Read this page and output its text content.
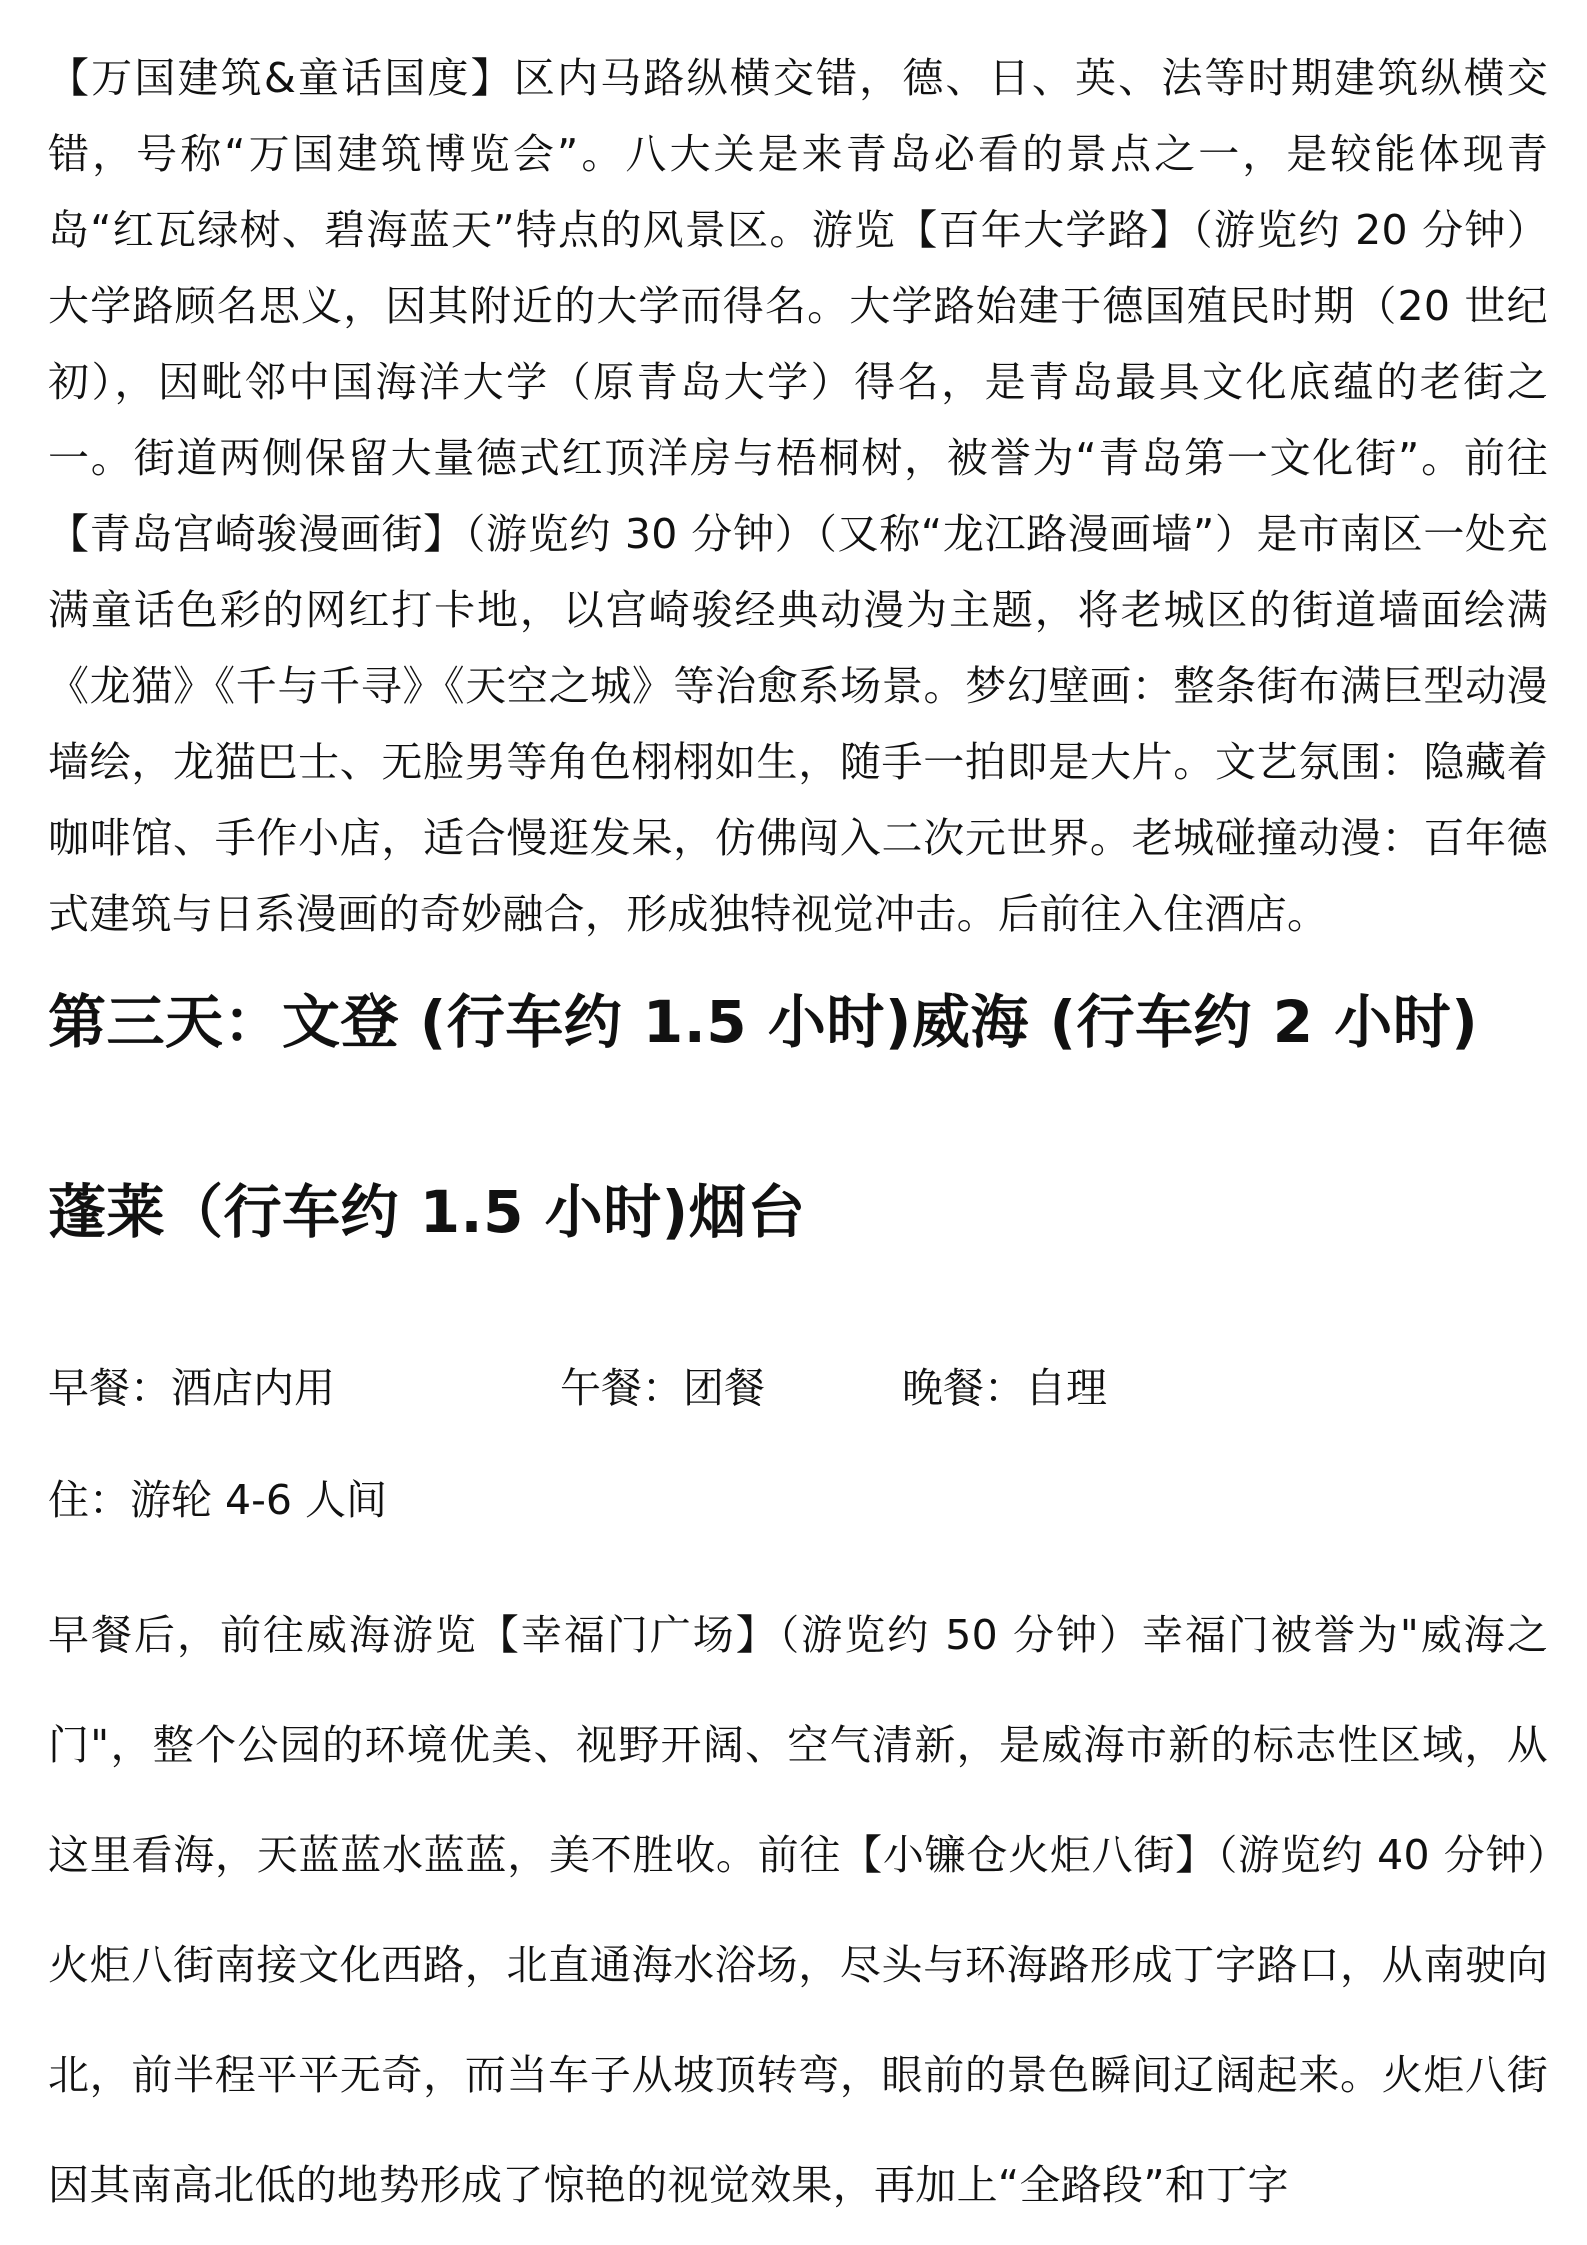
【万国建筑&童话国度】区内马路纵横交错，德、日、英、法等时期建筑纵横交错，号称“万国建筑博览会”。八大关是来青岛必看的景点之一，是较能体现青岛“红瓦绿树、碧海蓝天”特点的风景区。游览【百年大学路】（游览约 20 分钟）大学路顾名思义，因其附近的大学而得名。大学路始建于德国殖民时期（20 世纪初），因毗邻中国海洋大学（原青岛大学）得名，是青岛最具文化底蕴的老街之一。街道两侧保留大量德式红顶洋房与梧桐树，被誉为“青岛第一文化街”。前往【青岛宫崎骏漫画街】（游览约 30 分钟）（又称“龙江路漫画墙”）是市南区一处充满童话色彩的网红打卡地，以宫崎骏经典动漫为主题，将老城区的街道墙面绘满《龙猫》《千与千寻》《天空之城》等治愈系场景。梦幻壁画：整条街布满巨型动漫墙绘，龙猫巴士、无脸男等角色栩栩如生，随手一拍即是大片。文艺氛围：隐藏着咖啡馆、手作小店，适合慢逛发呆，仿佛闯入二次元世界。老城碰撞动漫：百年德式建筑与日系漫画的奇妙融合，形成独特视觉冲击。后前往入住酒店。

第三天：文登 (行车约 1.5 小时)威海 (行车约 2 小时)
蓬莱（行车约 1.5 小时)烟台
早餐：酒店内用	午餐：团餐	晚餐：自理
住：游轮 4-6 人间

早餐后，前往威海游览【幸福门广场】（游览约 50 分钟）幸福门被誉为"威海之门"，整个公园的环境优美、视野开阔、空气清新，是威海市新的标志性区域，从这里看海，天蓝蓝水蓝蓝，美不胜收。前往【小镰仓火炬八街】（游览约 40 分钟）火炬八街南接文化西路，北直通海水浴场，尽头与环海路形成丁字路口，从南驶向北，前半程平平无奇，而当车子从坡顶转弯，眼前的景色瞬间辽阔起来。火炬八街因其南高北低的地势形成了惊艳的视觉效果，再加上“全路段”和丁字
